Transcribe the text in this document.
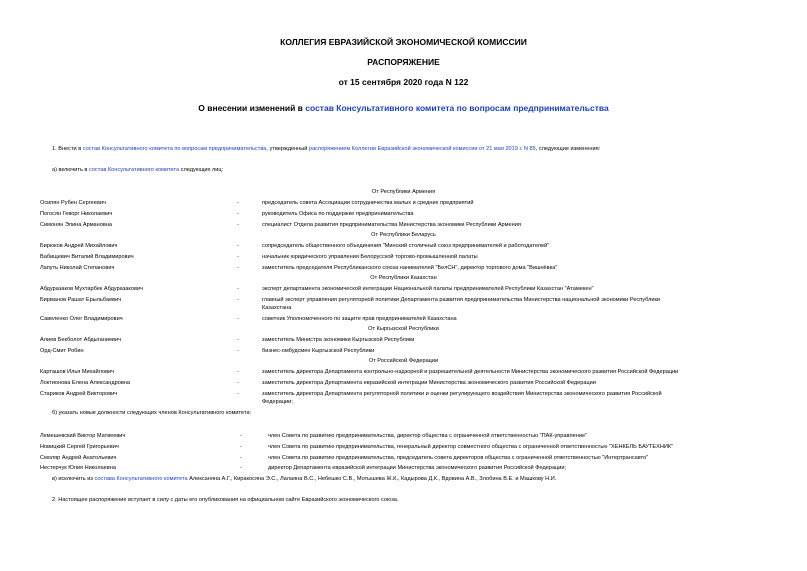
КОЛЛЕГИЯ ЕВРАЗИЙСКОЙ ЭКОНОМИЧЕСКОЙ КОМИССИИ
РАСПОРЯЖЕНИЕ
от 15 сентября 2020 года N 122
О внесении изменений в состав Консультативного комитета по вопросам предпринимательства
1. Внести в состав Консультативного комитета по вопросам предпринимательства, утвержденный распоряжением Коллегии Евразийской экономической комиссии от 21 мая 2019 г. N 85, следующие изменения:
а) включить в состав Консультативного комитета следующих лиц:
От Республики Армения
Осипян Рубен Сергеевич	-	председатель совета Ассоциации сотрудничества малых и средних предприятий
Погосян Геворг Николаевич	-	руководитель Офиса по поддержке предпринимательства
Симонян Элина Армановна	-	специалист Отдела развития предпринимательства Министерства экономики Республики Армения
От Республики Беларусь
Бирюков Андрей Михайлович	-	сопредседатель общественного объединения "Минский столичный союз предпринимателей и работодателей"
Вабищевич Виталий Владимирович	-	начальник юридического управления Белорусской торгово-промышленной палаты
Лапуть Николай Степанович	-	заместитель председателя Республиканского союза нанимателей "БелСН", директор торгового дома "Вишнёвка"
От Республики Казахстан
Абдуразаков Мухтарбек Абдуразакович	-	эксперт департамента экономической интеграции Национальной палаты предпринимателей Республики Казахстан "Атамекен"
Бирманов Рашат Ерыльбаевич	-	главный эксперт управления регуляторной политики Департамента развития предпринимательства Министерства национальной экономики Республики
Казахстана
Савеленко Олег Владимирович	-	советник Уполномоченного по защите прав предпринимателей Казахстана
От Кыргызской Республики
Алиев Бекболот Абдыганиевич	-	заместитель Министра экономики Кыргызской Республики
Орд-Смит Робин	-	бизнес-омбудсмен Кыргызской Республики
От Российской Федерации
Карташов Илья Михайлович	-	заместитель директора Департамента контрольно-надзорной и разрешительной деятельности Министерства экономического развития Российской Федерации
Локтионова Елена Александровна	-	заместитель директора Департамента евразийской интеграции Министерства экономического развития Российской Федерации
Стариков Андрей Викторович	-	заместитель директора Департамента регуляторной политики и оценки регулирующего воздействия Министерства экономического развития Российской
Федерации;
б) указать новые должности следующих членов Консультативного комитета:
Лемешевский Виктор Матвеевич	-	член Совета по развитию предпринимательства, директор общества с ограниченной ответственностью "ПАК-управление"
Новицкий Сергей Григорьевич	-	член Совета по развитию предпринимательства, генеральный директор совместного общества с ограниченной ответственностью "ХЕНКЕЛЬ БАУТЕХНИК"
Смоляр Андрей Анатольевич	-	член Совета по развитию предпринимательства, председатель совета директоров общества с ограниченной ответственностью "Интертрансавто"
Нестерчук Юлия Николаевна	-	директор Департамента евразийской интеграции Министерства экономического развития Российской Федерации;
в) исключить из состава Консультативного комитета Алексаняна А.Г., Киракосяна Э.С., Лалаяна В.С., Небешко С.В., Мотышева Ж.К., Кадырова Д.К., Вдовина А.В., Злобина В.Е. и Машкову Н.И.
2. Настоящее распоряжение вступает в силу с даты его опубликования на официальном сайте Евразийского экономического союза.
